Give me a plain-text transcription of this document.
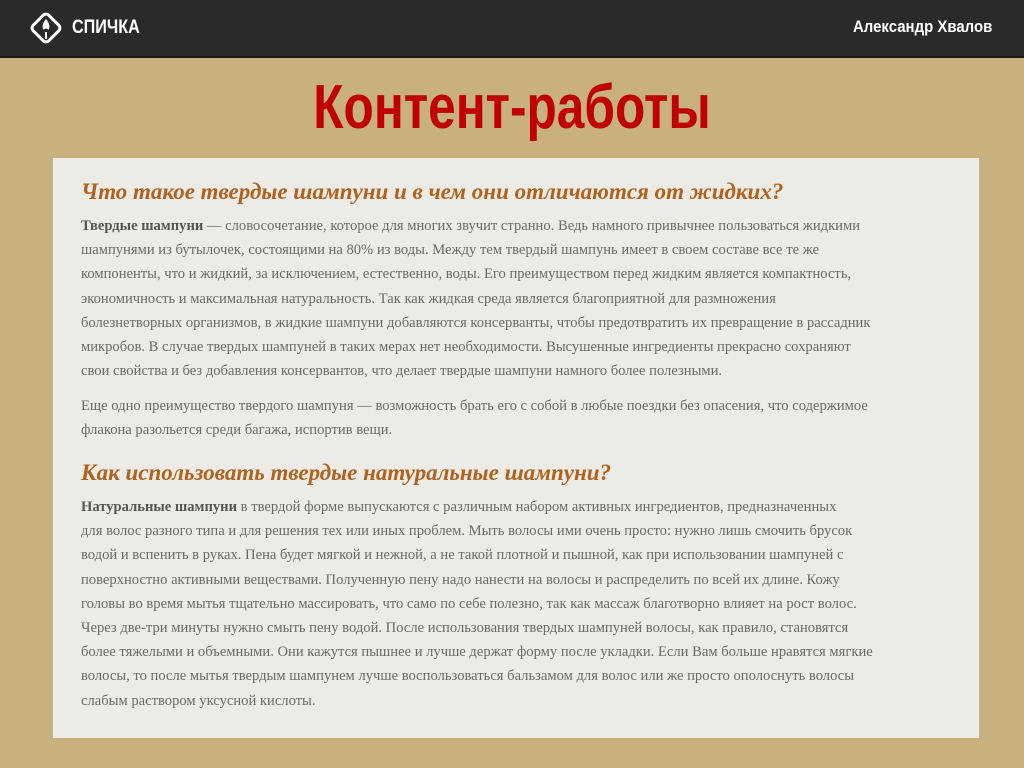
СПИЧКА	Александр Хвалов
Контент-работы
Что такое твердые шампуни и в чем они отличаются от жидких?
Твердые шампуни — словосочетание, которое для многих звучит странно. Ведь намного привычнее пользоваться жидкими
шампунями из бутылочек, состоящими на 80% из воды. Между тем твердый шампунь имеет в своем составе все те же
компоненты, что и жидкий, за исключением, естественно, воды. Его преимуществом перед жидким является компактность,
экономичность и максимальная натуральность. Так как жидкая среда является благоприятной для размножения
болезнетворных организмов, в жидкие шампуни добавляются консерванты, чтобы предотвратить их превращение в рассадник
микробов. В случае твердых шампуней в таких мерах нет необходимости. Высушенные ингредиенты прекрасно сохраняют
свои свойства и без добавления консервантов, что делает твердые шампуни намного более полезными.
Еще одно преимущество твердого шампуня — возможность брать его с собой в любые поездки без опасения, что содержимое
флакона разольется среди багажа, испортив вещи.
Как использовать твердые натуральные шампуни?
Натуральные шампуни в твердой форме выпускаются с различным набором активных ингредиентов, предназначенных
для волос разного типа и для решения тех или иных проблем. Мыть волосы ими очень просто: нужно лишь смочить брусок
водой и вспенить в руках. Пена будет мягкой и нежной, а не такой плотной и пышной, как при использовании шампуней с
поверхностно активными веществами. Полученную пену надо нанести на волосы и распределить по всей их длине. Кожу
головы во время мытья тщательно массировать, что само по себе полезно, так как массаж благотворно влияет на рост волос.
Через две-три минуты нужно смыть пену водой. После использования твердых шампуней волосы, как правило, становятся
более тяжелыми и объемными. Они кажутся пышнее и лучше держат форму после укладки. Если Вам больше нравятся мягкие
волосы, то после мытья твердым шампунем лучше воспользоваться бальзамом для волос или же просто ополоснуть волосы
слабым раствором уксусной кислоты.
